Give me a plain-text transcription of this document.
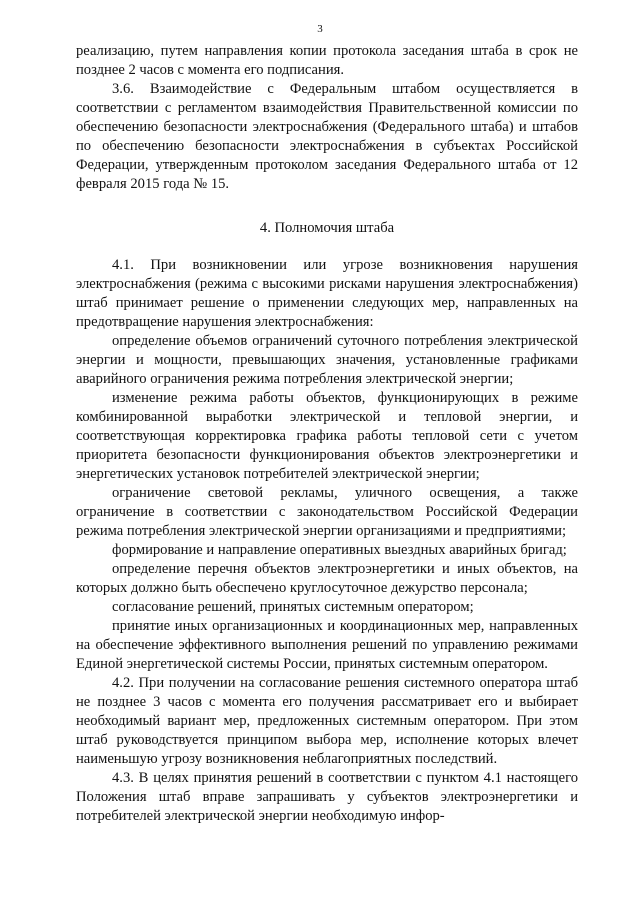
3

реализацию, путем направления копии протокола заседания штаба в срок не позднее 2 часов с момента его подписания.

3.6. Взаимодействие с Федеральным штабом осуществляется в соответствии с регламентом взаимодействия Правительственной комиссии по обеспечению безопасности электроснабжения (Федерального штаба) и штабов по обеспечению безопасности электроснабжения в субъектах Российской Федерации, утвержденным протоколом заседания Федерального штаба от 12 февраля 2015 года № 15.

4. Полномочия штаба

4.1. При возникновении или угрозе возникновения нарушения электроснабжения (режима с высокими рисками нарушения электроснабжения) штаб принимает решение о применении следующих мер, направленных на предотвращение нарушения электроснабжения:

определение объемов ограничений суточного потребления электрической энергии и мощности, превышающих значения, установленные графиками аварийного ограничения режима потребления электрической энергии;

изменение режима работы объектов, функционирующих в режиме комбинированной выработки электрической и тепловой энергии, и соответствующая корректировка графика работы тепловой сети с учетом приоритета безопасности функционирования объектов электроэнергетики и энергетических установок потребителей электрической энергии;

ограничение световой рекламы, уличного освещения, а также ограничение в соответствии с законодательством Российской Федерации режима потребления электрической энергии организациями и предприятиями;

формирование и направление оперативных выездных аварийных бригад;

определение перечня объектов электроэнергетики и иных объектов, на которых должно быть обеспечено круглосуточное дежурство персонала;

согласование решений, принятых системным оператором;

принятие иных организационных и координационных мер, направленных на обеспечение эффективного выполнения решений по управлению режимами Единой энергетической системы России, принятых системным оператором.

4.2. При получении на согласование решения системного оператора штаб не позднее 3 часов с момента его получения рассматривает его и выбирает необходимый вариант мер, предложенных системным оператором. При этом штаб руководствуется принципом выбора мер, исполнение которых влечет наименьшую угрозу возникновения неблагоприятных последствий.

4.3. В целях принятия решений в соответствии с пунктом 4.1 настоящего Положения штаб вправе запрашивать у субъектов электроэнергетики и потребителей электрической энергии необходимую инфор-
